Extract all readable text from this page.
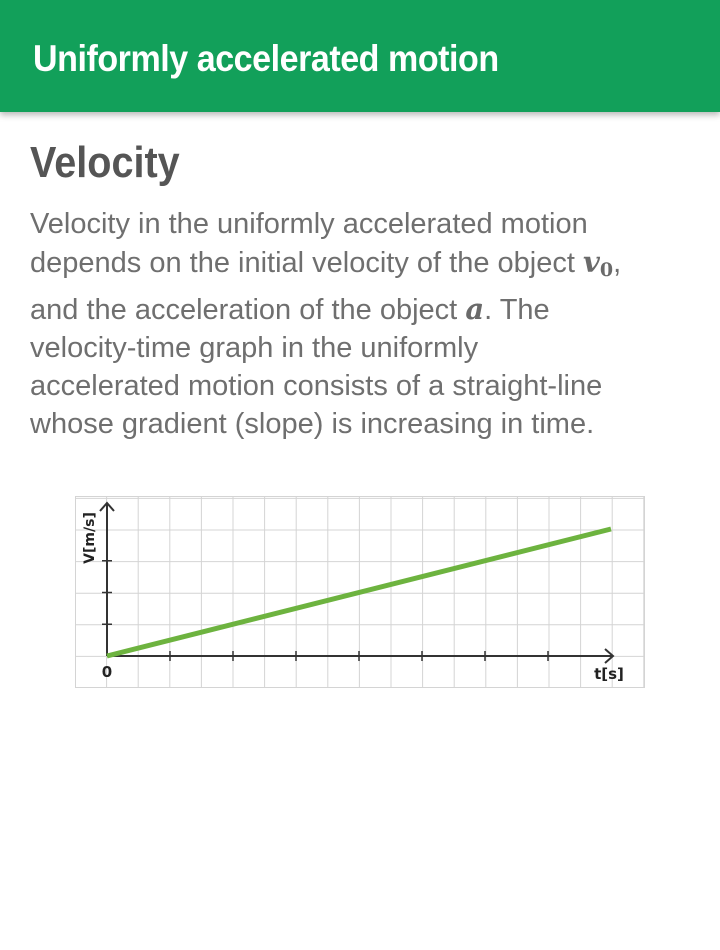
Uniformly accelerated motion
Velocity
Velocity in the uniformly accelerated motion
depends on the initial velocity of the object $v_0$,
and the acceleration of the object a. The
velocity-time graph in the uniformly
accelerated motion consists of a straight-line
whose gradient (slope) is increasing in time.
0	t[s]
V[m/s]
